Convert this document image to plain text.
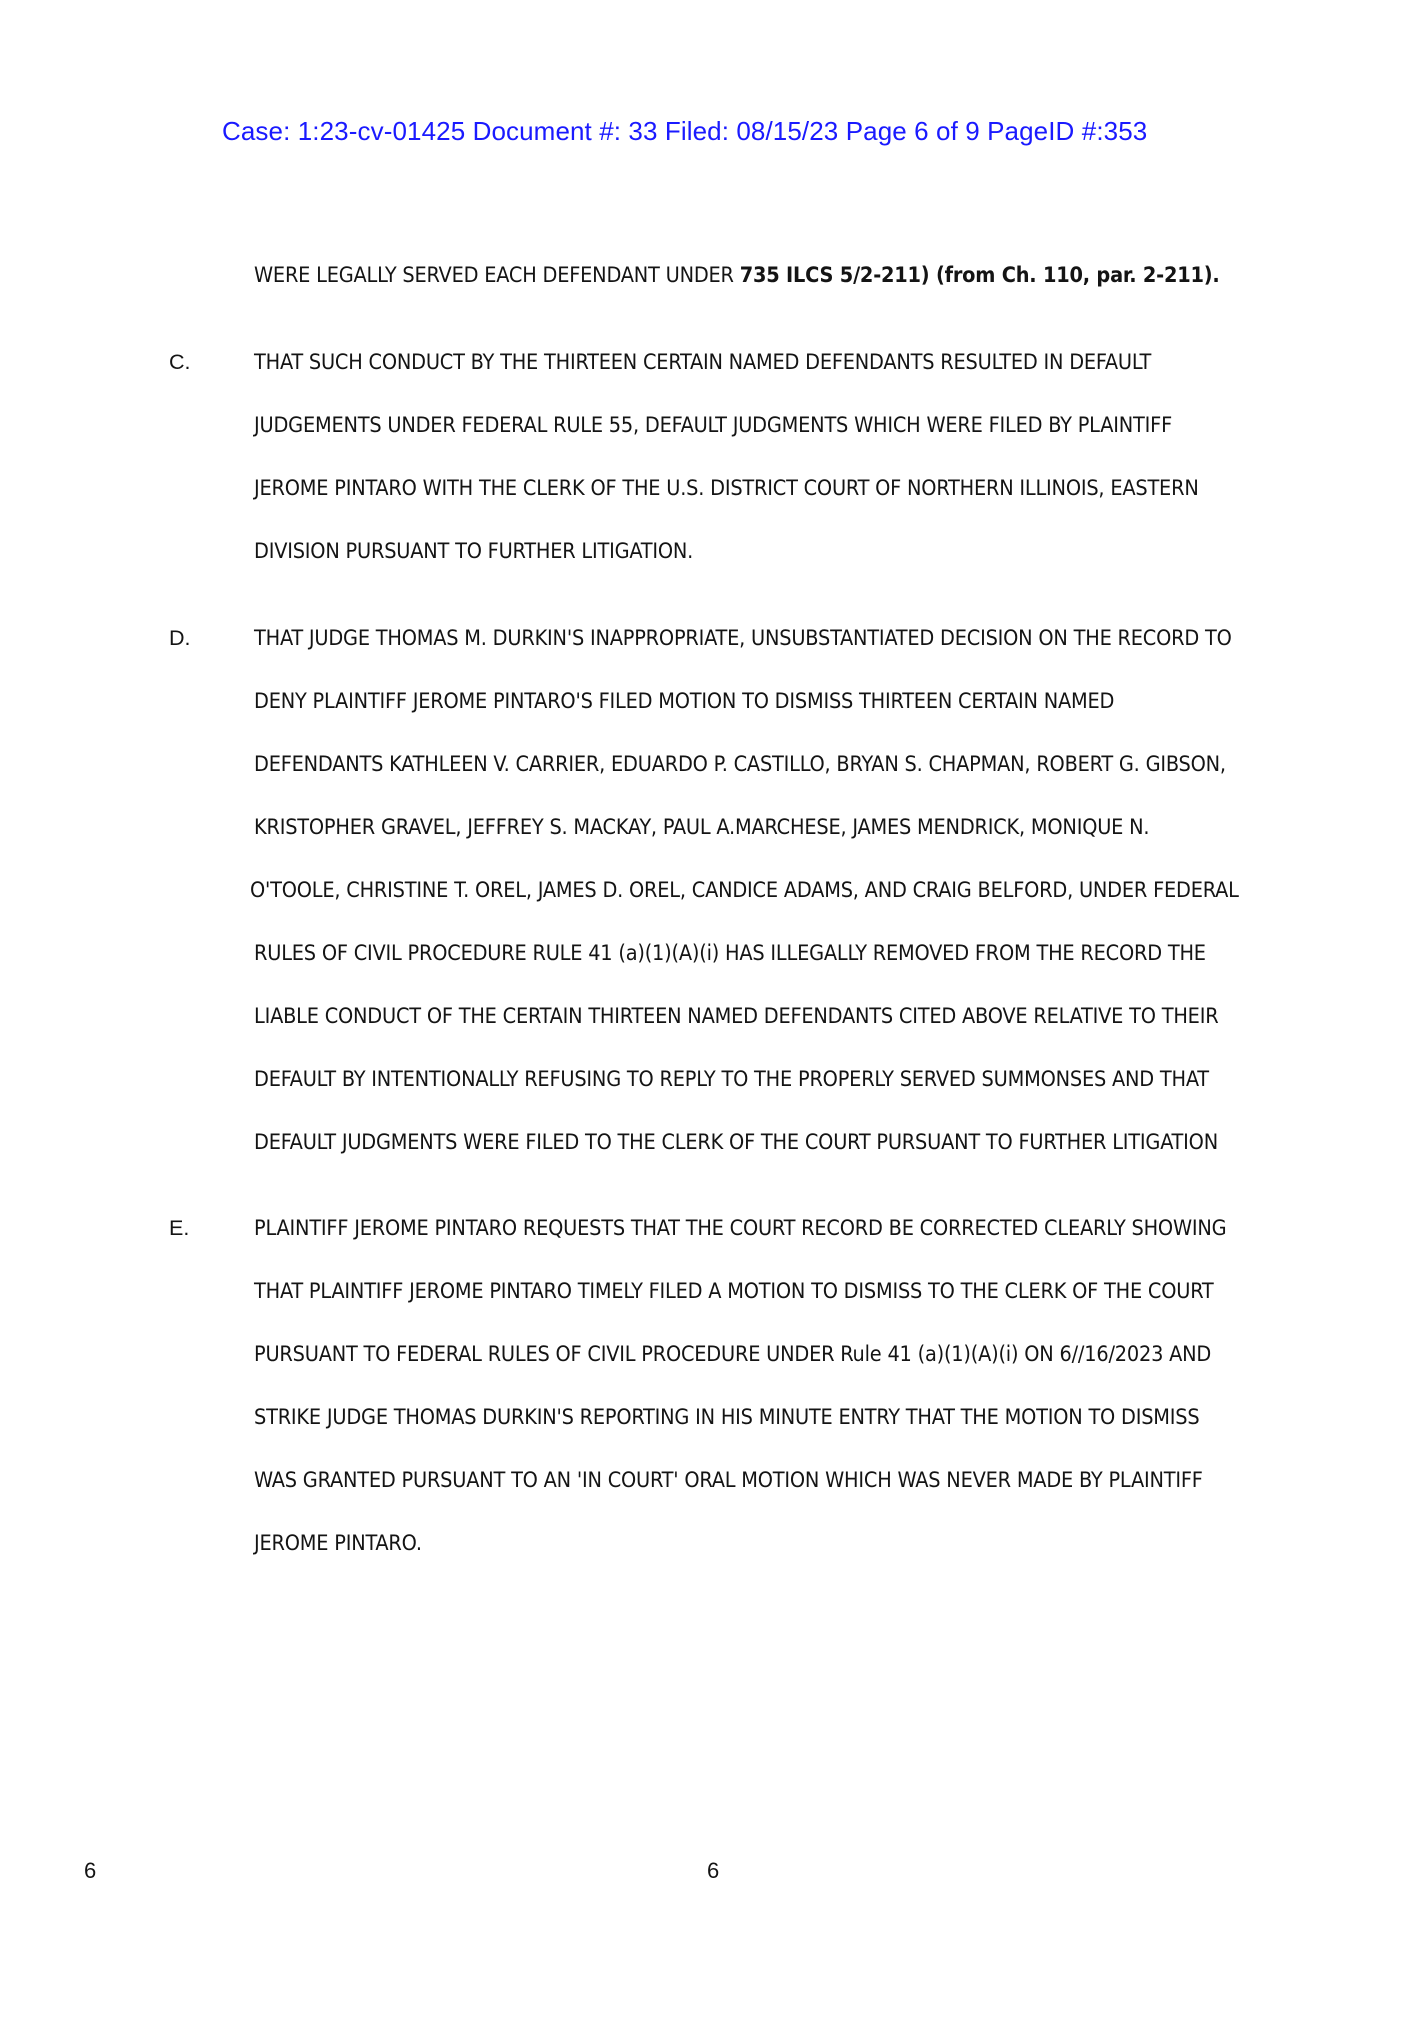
Case: 1:23-cv-01425 Document #: 33 Filed: 08/15/23 Page 6 of 9 PageID #:353
WERE LEGALLY SERVED EACH DEFENDANT UNDER 735 ILCS 5/2-211) (from Ch. 110, par. 2-211).
C.	THAT SUCH CONDUCT BY THE THIRTEEN CERTAIN NAMED DEFENDANTS RESULTED IN DEFAULT
JUDGEMENTS UNDER FEDERAL RULE 55, DEFAULT JUDGMENTS WHICH WERE FILED BY PLAINTIFF
JEROME PINTARO WITH THE CLERK OF THE U.S. DISTRICT COURT OF NORTHERN ILLINOIS, EASTERN
DIVISION PURSUANT TO FURTHER LITIGATION.
D.	THAT JUDGE THOMAS M. DURKIN'S INAPPROPRIATE, UNSUBSTANTIATED DECISION ON THE RECORD TO
DENY PLAINTIFF JEROME PINTARO'S FILED MOTION TO DISMISS THIRTEEN CERTAIN NAMED
DEFENDANTS KATHLEEN V. CARRIER, EDUARDO P. CASTILLO, BRYAN S. CHAPMAN, ROBERT G. GIBSON,
KRISTOPHER GRAVEL, JEFFREY S. MACKAY, PAUL A.MARCHESE, JAMES MENDRICK, MONIQUE N.
O'TOOLE, CHRISTINE T. OREL, JAMES D. OREL, CANDICE ADAMS, AND CRAIG BELFORD, UNDER FEDERAL
RULES OF CIVIL PROCEDURE RULE 41 (a)(1)(A)(i) HAS ILLEGALLY REMOVED FROM THE RECORD THE
LIABLE CONDUCT OF THE CERTAIN THIRTEEN NAMED DEFENDANTS CITED ABOVE RELATIVE TO THEIR
DEFAULT BY INTENTIONALLY REFUSING TO REPLY TO THE PROPERLY SERVED SUMMONSES AND THAT
DEFAULT JUDGMENTS WERE FILED TO THE CLERK OF THE COURT PURSUANT TO FURTHER LITIGATION
E.	PLAINTIFF JEROME PINTARO REQUESTS THAT THE COURT RECORD BE CORRECTED CLEARLY SHOWING
THAT PLAINTIFF JEROME PINTARO TIMELY FILED A MOTION TO DISMISS TO THE CLERK OF THE COURT
PURSUANT TO FEDERAL RULES OF CIVIL PROCEDURE UNDER Rule 41 (a)(1)(A)(i) ON 6//16/2023 AND
STRIKE JUDGE THOMAS DURKIN'S REPORTING IN HIS MINUTE ENTRY THAT THE MOTION TO DISMISS
WAS GRANTED PURSUANT TO AN 'IN COURT' ORAL MOTION WHICH WAS NEVER MADE BY PLAINTIFF
JEROME PINTARO.
6	6
